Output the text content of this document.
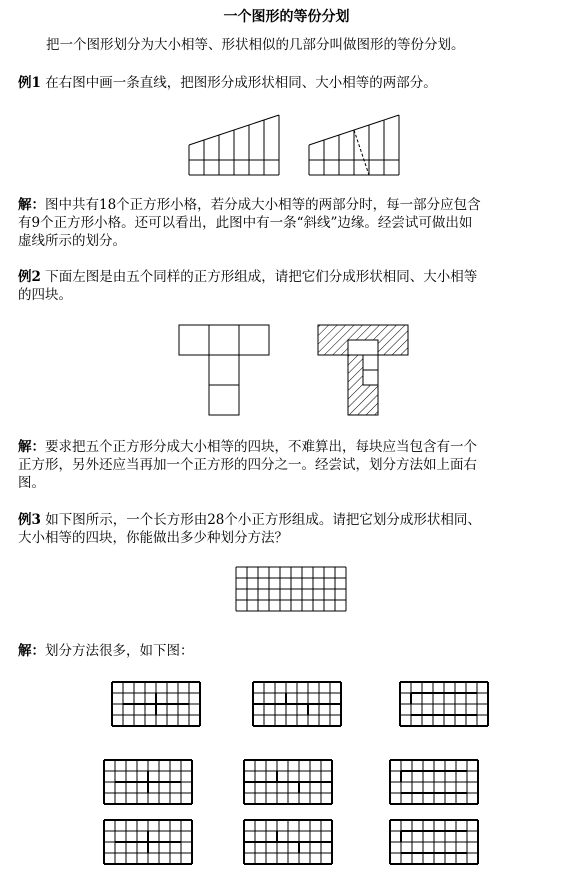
一个图形的等份分划
把一个图形划分为大小相等、形状相似的几部分叫做图形的等份分划。
例1 在右图中画一条直线，把图形分成形状相同、大小相等的两部分。
解：图中共有18个正方形小格，若分成大小相等的两部分时，每一部分应包含
有9个正方形小格。还可以看出，此图中有一条“斜线”边缘。经尝试可做出如
虚线所示的划分。
例2 下面左图是由五个同样的正方形组成，请把它们分成形状相同、大小相等
的四块。
解：要求把五个正方形分成大小相等的四块，不难算出，每块应当包含有一个
正方形，另外还应当再加一个正方形的四分之一。经尝试，划分方法如上面右
图。
例3 如下图所示，一个长方形由28个小正方形组成。请把它划分成形状相同、
大小相等的四块，你能做出多少种划分方法？
解：划分方法很多，如下图：
